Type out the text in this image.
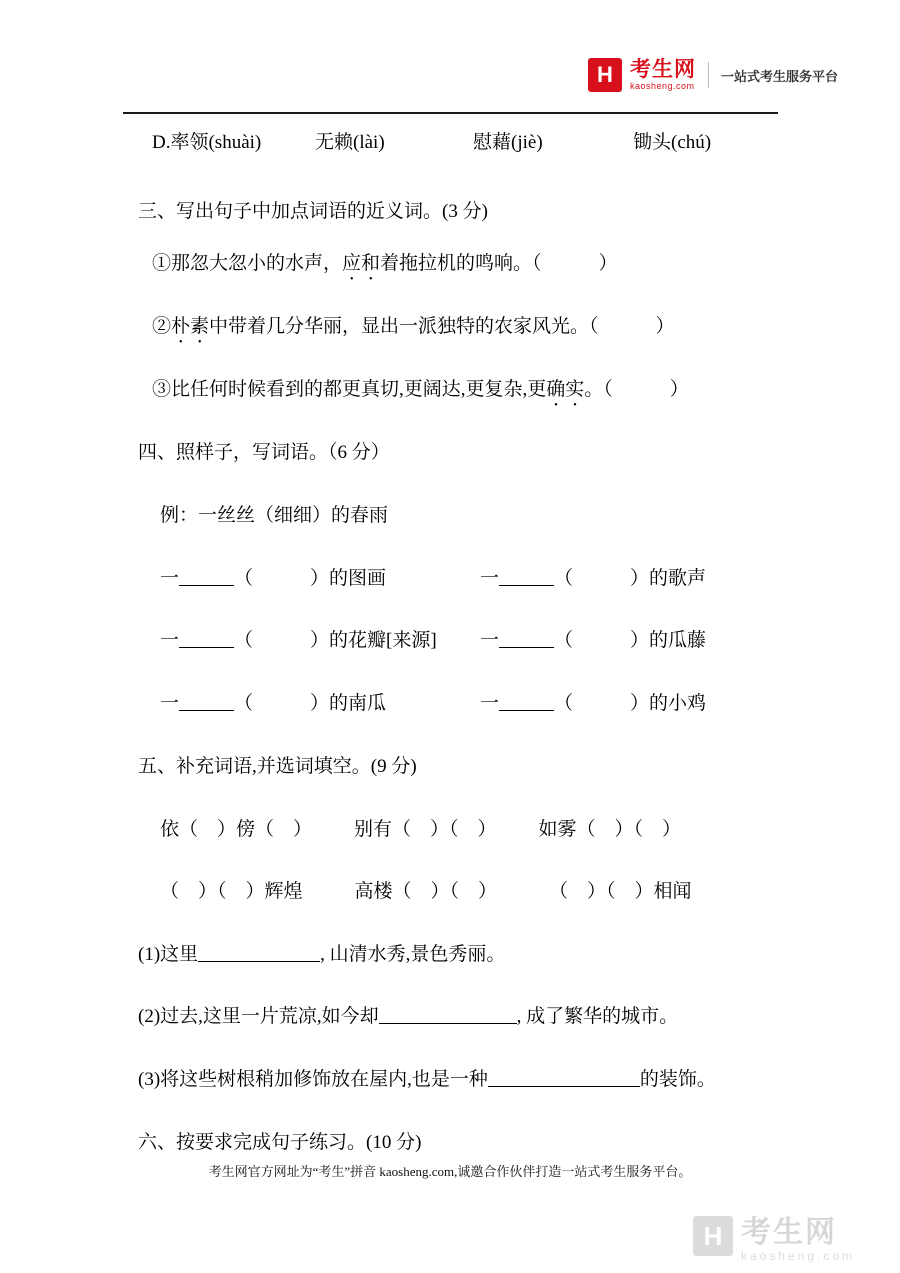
H 考生网
kaosheng.com
一站式考生服务平台
D.率领(shuài)	无赖(lài)	慰藉(jiè)	锄头(chú)
三、写出句子中加点词语的近义词。(3 分)
①那忽大忽小的水声，应和着拖拉机的鸣响。（　　　）
②朴素中带着几分华丽，显出一派独特的农家风光。（　　　）
③比任何时候看到的都更真切,更阔达,更复杂,更确实。（　　　）
四、照样子，写词语。（6 分）
例：一丝丝（细细）的春雨
一	（　　　）的图画	一	（　　　）的歌声
一	（　　　）的花瓣[来源] 一	（　　　）的瓜藤
一	（　　　）的南瓜	一	（　　　）的小鸡
五、补充词语,并选词填空。(9 分)
依（　）傍（　） 别有（　）（　） 如雾（　）（　）
（　）（　）辉煌	高楼（　）（　）	（　）（　）相闻
(1)这里	, 山清水秀,景色秀丽。
(2)过去,这里一片荒凉,如今却	, 成了繁华的城市。
(3)将这些树根稍加修饰放在屋内,也是一种	的装饰。
六、按要求完成句子练习。(10 分)
考生网官方网址为“考生”拼音 kaosheng.com,诚邀合作伙伴打造一站式考生服务平台。
H 考生网
kaosheng.com
